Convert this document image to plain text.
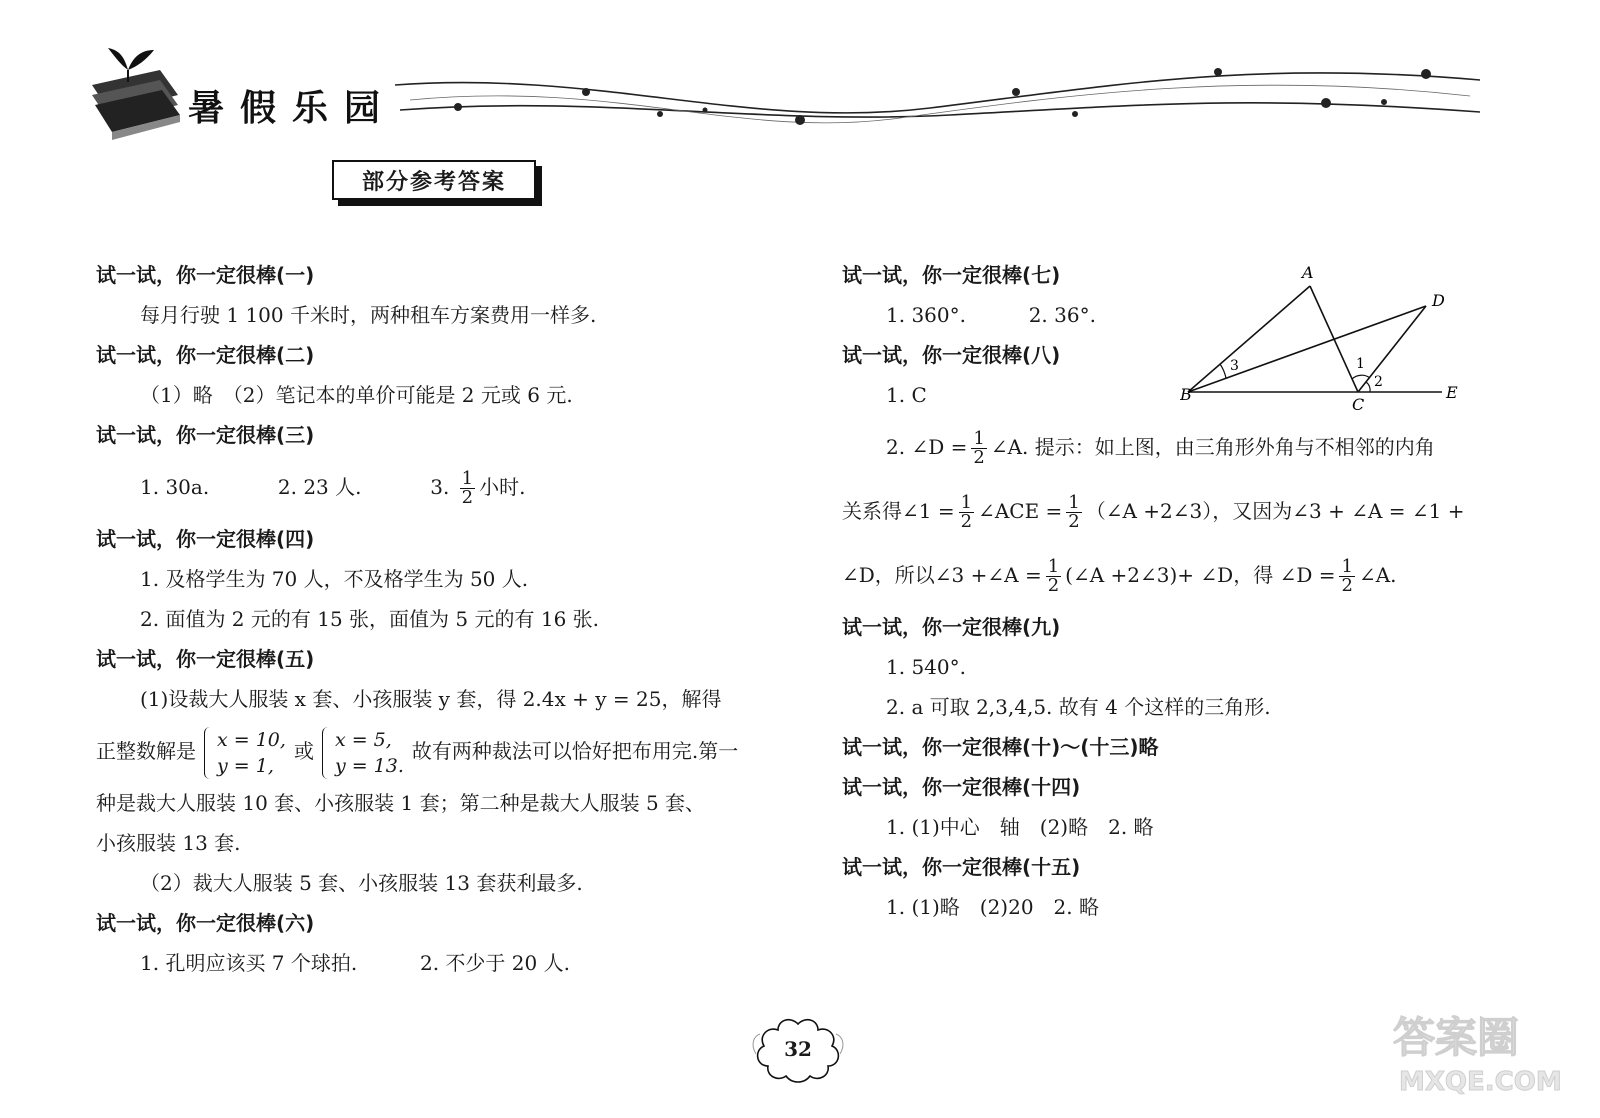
暑假乐园
部分参考答案
试一试，你一定很棒(一)
每月行驶 1 100 千米时，两种租车方案费用一样多.
试一试，你一定很棒(二)
（1）略　（2）笔记本的单价可能是 2 元或 6 元.
试一试，你一定很棒(三)
1. 30a.	2. 23 人.	3. $\frac{1}{2}$ 小时.
试一试，你一定很棒(四)
1. 及格学生为 70 人，不及格学生为 50 人.
2. 面值为 2 元的有 15 张，面值为 5 元的有 16 张.
试一试，你一定很棒(五)
(1)设裁大人服装 x 套、小孩服装 y 套，得 2.4x + y = 25，解得
正整数解是 x = 10,
y = 1,
或 x = 5,
y = 13.
故有两种裁法可以恰好把布用完.第一
种是裁大人服装 10 套、小孩服装 1 套；第二种是裁大人服装 5 套、
小孩服装 13 套.
（2）裁大人服装 5 套、小孩服装 13 套获利最多.
试一试，你一定很棒(六)
1. 孔明应该买 7 个球拍.	2. 不少于 20 人.
试一试，你一定很棒(七)
1. 360°.	2. 36°.
试一试，你一定很棒(八)
1. C
2. ∠D = $\frac{1}{2}$ ∠A. 提示：如上图，由三角形外角与不相邻的内角
关系得∠1 = $\frac{1}{2}$ ∠ACE = $\frac{1}{2}$ （∠A +2∠3），又因为∠3 + ∠A = ∠1 +
∠D，所以∠3 +∠A = $\frac{1}{2}$ (∠A +2∠3)+ ∠D，得 ∠D = $\frac{1}{2}$ ∠A.
试一试，你一定很棒(九)
1. 540°.
2. a 可取 2,3,4,5. 故有 4 个这样的三角形.
试一试，你一定很棒(十)～(十三)略
试一试，你一定很棒(十四)
1. (1)中心　轴　(2)略　2. 略
试一试，你一定很棒(十五)
1. (1)略　(2)20　2. 略
A
B
C
D
E
1
2
3
32	答案圈
MXQE.COM
